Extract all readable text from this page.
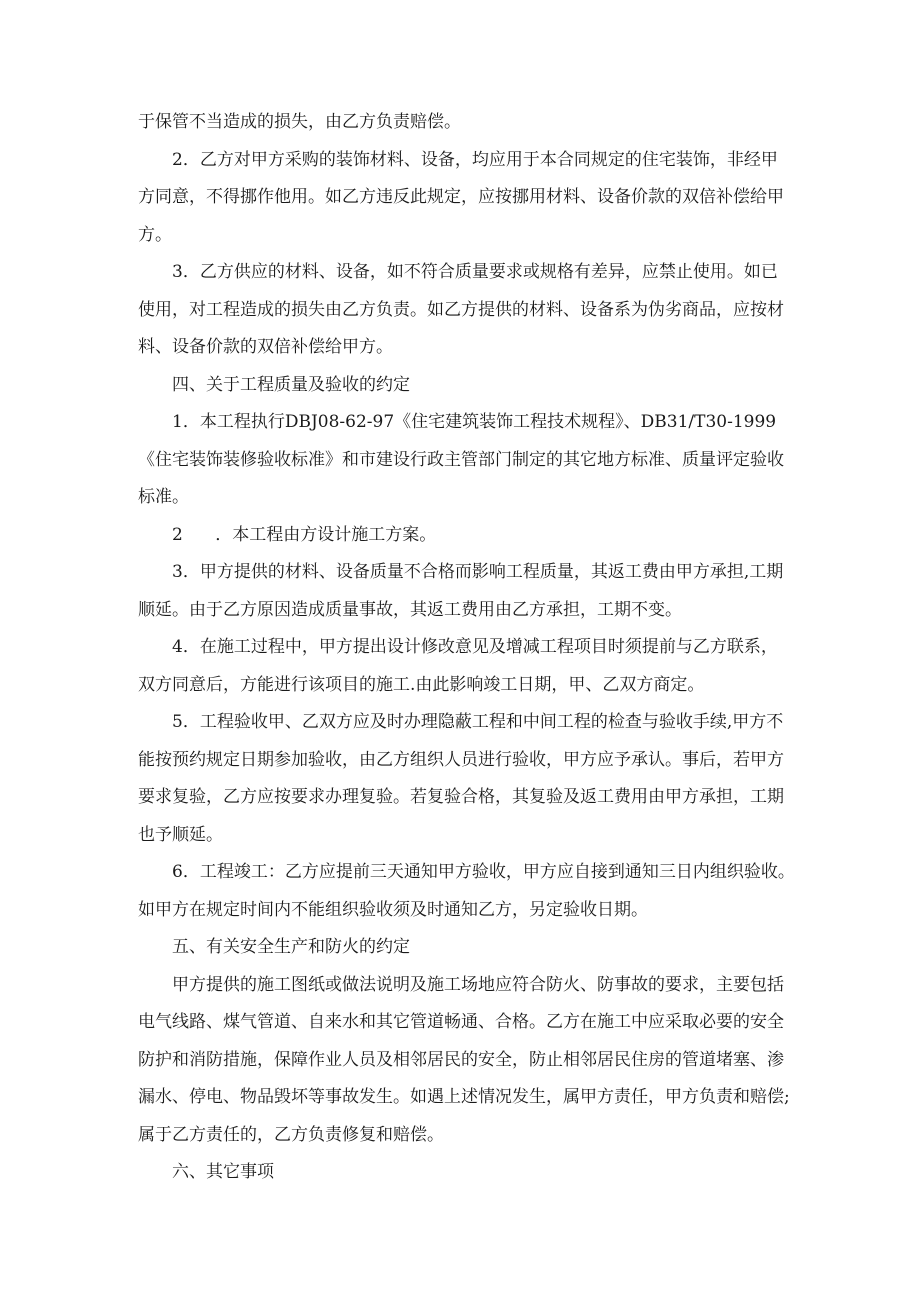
于保管不当造成的损失，由乙方负责赔偿。
2．乙方对甲方采购的装饰材料、设备，均应用于本合同规定的住宅装饰，非经甲
方同意，不得挪作他用。如乙方违反此规定，应按挪用材料、设备价款的双倍补偿给甲
方。
3．乙方供应的材料、设备，如不符合质量要求或规格有差异，应禁止使用。如已
使用，对工程造成的损失由乙方负责。如乙方提供的材料、设备系为伪劣商品，应按材
料、设备价款的双倍补偿给甲方。
四、关于工程质量及验收的约定
1．本工程执行DBJ08-62-97《住宅建筑装饰工程技术规程》、DB31/T30-1999
《住宅装饰装修验收标准》和市建设行政主管部门制定的其它地方标准、质量评定验收
标准。
2      ．本工程由方设计施工方案。
3．甲方提供的材料、设备质量不合格而影响工程质量，其返工费由甲方承担,工期
顺延。由于乙方原因造成质量事故，其返工费用由乙方承担，工期不变。
4．在施工过程中，甲方提出设计修改意见及增减工程项目时须提前与乙方联系，
双方同意后，方能进行该项目的施工.由此影响竣工日期，甲、乙双方商定。
5．工程验收甲、乙双方应及时办理隐蔽工程和中间工程的检查与验收手续,甲方不
能按预约规定日期参加验收，由乙方组织人员进行验收，甲方应予承认。事后，若甲方
要求复验，乙方应按要求办理复验。若复验合格，其复验及返工费用由甲方承担，工期
也予顺延。
6．工程竣工：乙方应提前三天通知甲方验收，甲方应自接到通知三日内组织验收。
如甲方在规定时间内不能组织验收须及时通知乙方，另定验收日期。
五、有关安全生产和防火的约定
甲方提供的施工图纸或做法说明及施工场地应符合防火、防事故的要求，主要包括
电气线路、煤气管道、自来水和其它管道畅通、合格。乙方在施工中应采取必要的安全
防护和消防措施，保障作业人员及相邻居民的安全，防止相邻居民住房的管道堵塞、渗
漏水、停电、物品毁坏等事故发生。如遇上述情况发生，属甲方责任，甲方负责和赔偿;
属于乙方责任的，乙方负责修复和赔偿。
六、其它事项
